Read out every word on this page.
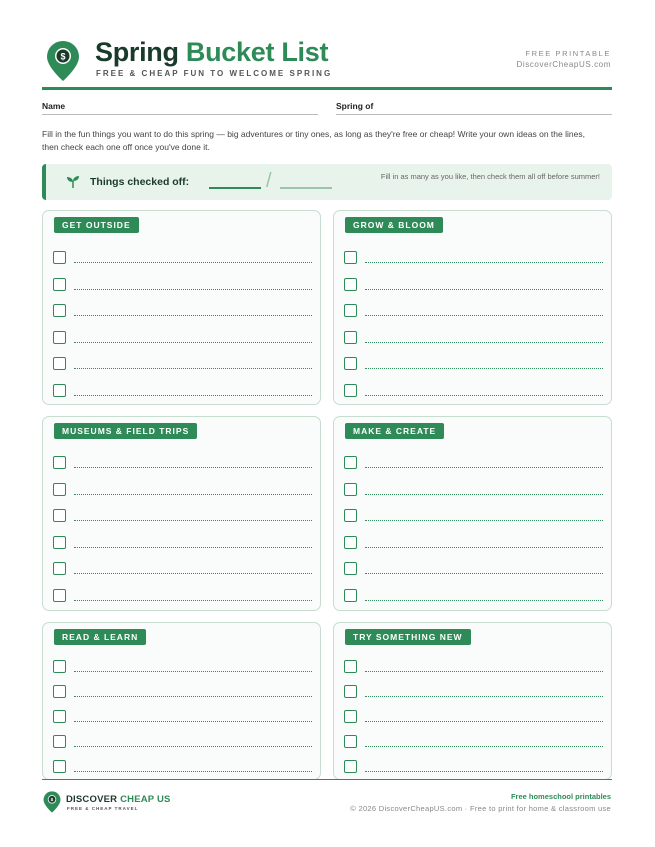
$ Spring Bucket List
FREE & CHEAP FUN TO WELCOME SPRING
FREE PRINTABLE
DiscoverCheapUS.com
Name	Spring of
Fill in the fun things you want to do this spring — big adventures or tiny ones, as long as they're free or cheap! Write your own ideas on the lines, then check each one off once you've done it.
Things checked off:	/	Fill in as many as you like, then check them all off before summer!
GET OUTSIDE	GROW & BLOOM
MUSEUMS & FIELD TRIPS	MAKE & CREATE
READ & LEARN	TRY SOMETHING NEW
$ DISCOVER CHEAP US
FREE & CHEAP TRAVEL
Free homeschool printables
© 2026 DiscoverCheapUS.com · Free to print for home & classroom use
